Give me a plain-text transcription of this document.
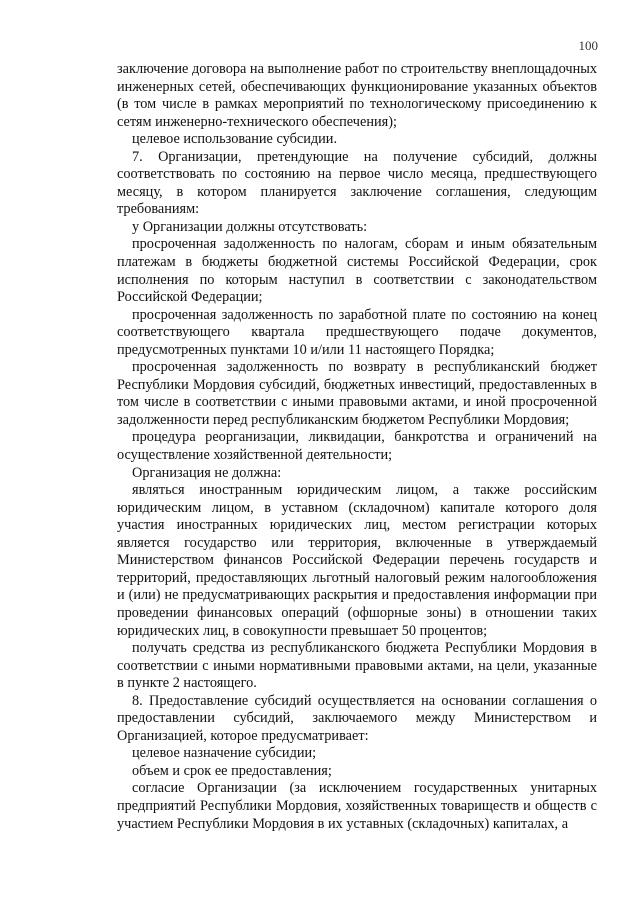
100

заключение договора на выполнение работ по строительству внеплощадочных инженерных сетей, обеспечивающих функционирование указанных объектов (в том числе в рамках мероприятий по технологическому присоединению к сетям инженерно-технического обеспечения);

целевое использование субсидии.

7. Организации, претендующие на получение субсидий, должны соответствовать по состоянию на первое число месяца, предшествующего месяцу, в котором планируется заключение соглашения, следующим требованиям:

у Организации должны отсутствовать:

просроченная задолженность по налогам, сборам и иным обязательным платежам в бюджеты бюджетной системы Российской Федерации, срок исполнения по которым наступил в соответствии с законодательством Российской Федерации;

просроченная задолженность по заработной плате по состоянию на конец соответствующего квартала предшествующего подаче документов, предусмотренных пунктами 10 и/или 11 настоящего Порядка;

просроченная задолженность по возврату в республиканский бюджет Республики Мордовия субсидий, бюджетных инвестиций, предоставленных в том числе в соответствии с иными правовыми актами, и иной просроченной задолженности перед республиканским бюджетом Республики Мордовия;

процедура реорганизации, ликвидации, банкротства и ограничений на осуществление хозяйственной деятельности;

Организация не должна:

являться иностранным юридическим лицом, а также российским юридическим лицом, в уставном (складочном) капитале которого доля участия иностранных юридических лиц, местом регистрации которых является государство или территория, включенные в утверждаемый Министерством финансов Российской Федерации перечень государств и территорий, предоставляющих льготный налоговый режим налогообложения и (или) не предусматривающих раскрытия и предоставления информации при проведении финансовых операций (офшорные зоны) в отношении таких юридических лиц, в совокупности превышает 50 процентов;

получать средства из республиканского бюджета Республики Мордовия в соответствии с иными нормативными правовыми актами, на цели, указанные в пункте 2 настоящего.

8. Предоставление субсидий осуществляется на основании соглашения о предоставлении субсидий, заключаемого между Министерством и Организацией, которое предусматривает:

целевое назначение субсидии;

объем и срок ее предоставления;

согласие Организации (за исключением государственных унитарных предприятий Республики Мордовия, хозяйственных товариществ и обществ с участием Республики Мордовия в их уставных (складочных) капиталах, а
